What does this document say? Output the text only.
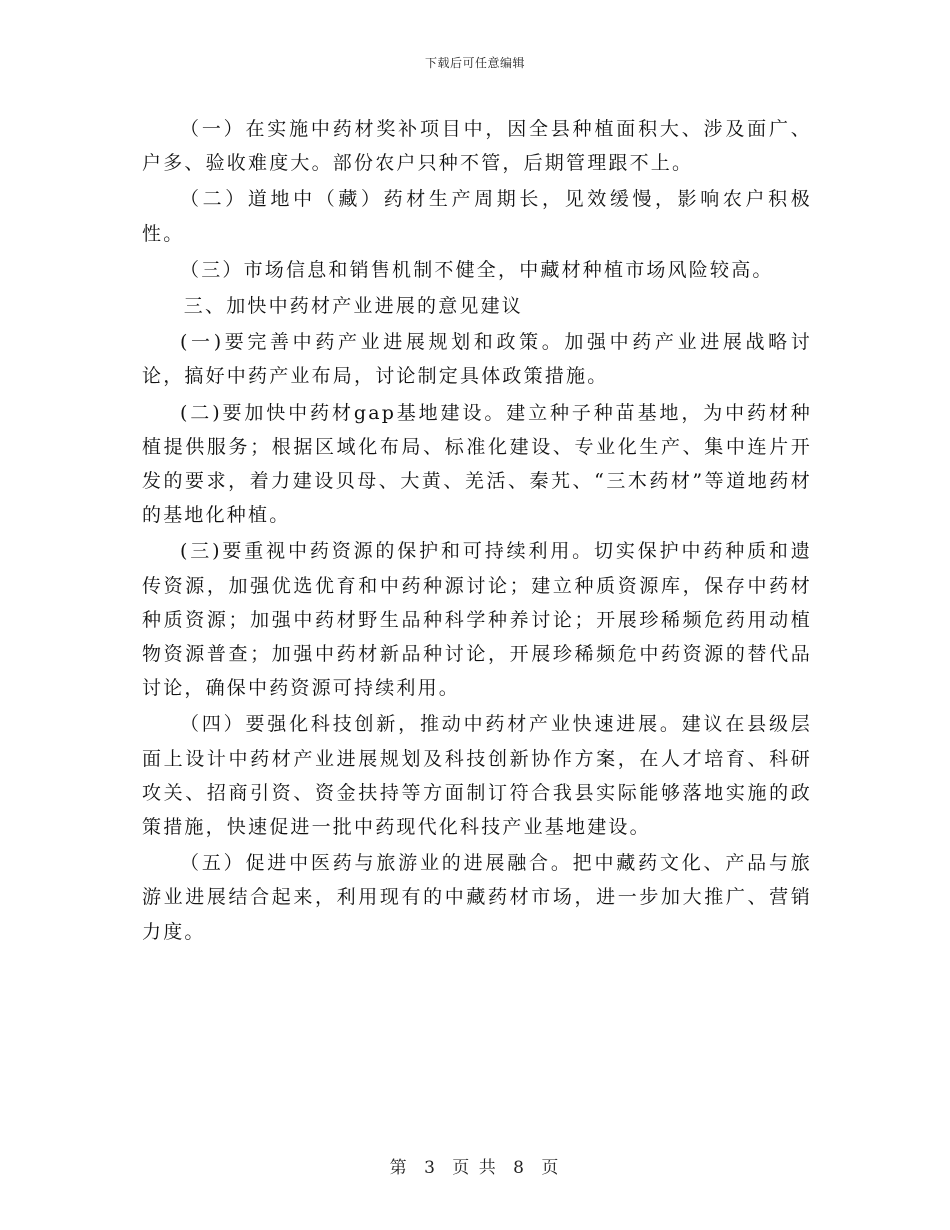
下载后可任意编辑

（一）在实施中药材奖补项目中，因全县种植面积大、涉及面广、户多、验收难度大。部份农户只种不管，后期管理跟不上。

（二）道地中（藏）药材生产周期长，见效缓慢，影响农户积极性。

（三）市场信息和销售机制不健全，中藏材种植市场风险较高。

三、加快中药材产业进展的意见建议

(一)要完善中药产业进展规划和政策。加强中药产业进展战略讨论，搞好中药产业布局，讨论制定具体政策措施。

(二)要加快中药材gap基地建设。建立种子种苗基地，为中药材种植提供服务；根据区域化布局、标准化建设、专业化生产、集中连片开发的要求，着力建设贝母、大黄、羌活、秦艽、“三木药材”等道地药材的基地化种植。

(三)要重视中药资源的保护和可持续利用。切实保护中药种质和遗传资源，加强优选优育和中药种源讨论；建立种质资源库，保存中药材种质资源；加强中药材野生品种科学种养讨论；开展珍稀频危药用动植物资源普查；加强中药材新品种讨论，开展珍稀频危中药资源的替代品讨论，确保中药资源可持续利用。

（四）要强化科技创新，推动中药材产业快速进展。建议在县级层面上设计中药材产业进展规划及科技创新协作方案，在人才培育、科研攻关、招商引资、资金扶持等方面制订符合我县实际能够落地实施的政策措施，快速促进一批中药现代化科技产业基地建设。

（五）促进中医药与旅游业的进展融合。把中藏药文化、产品与旅游业进展结合起来，利用现有的中藏药材市场，进一步加大推广、营销力度。

第 3 页 共 8 页
